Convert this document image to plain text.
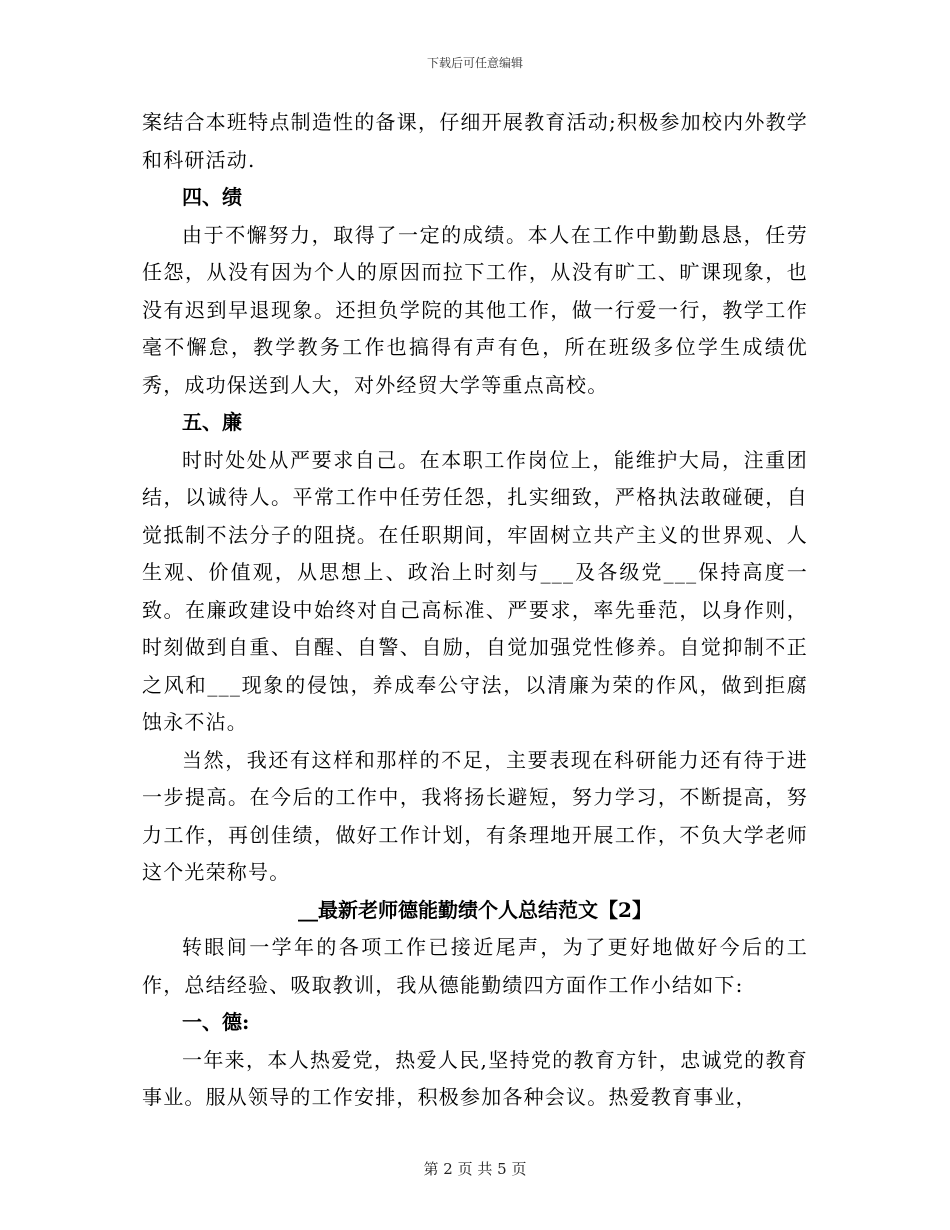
下载后可任意编辑

案结合本班特点制造性的备课，仔细开展教育活动;积极参加校内外教学和科研活动.

四、绩

由于不懈努力，取得了一定的成绩。本人在工作中勤勤恳恳，任劳任怨，从没有因为个人的原因而拉下工作，从没有旷工、旷课现象，也没有迟到早退现象。还担负学院的其他工作，做一行爱一行，教学工作毫不懈怠，教学教务工作也搞得有声有色，所在班级多位学生成绩优秀，成功保送到人大，对外经贸大学等重点高校。

五、廉

时时处处从严要求自己。在本职工作岗位上，能维护大局，注重团结，以诚待人。平常工作中任劳任怨，扎实细致，严格执法敢碰硬，自觉抵制不法分子的阻挠。在任职期间，牢固树立共产主义的世界观、人生观、价值观，从思想上、政治上时刻与___及各级党___保持高度一致。在廉政建设中始终对自己高标准、严要求，率先垂范，以身作则，时刻做到自重、自醒、自警、自励，自觉加强党性修养。自觉抑制不正之风和___现象的侵蚀，养成奉公守法，以清廉为荣的作风，做到拒腐蚀永不沾。

当然，我还有这样和那样的不足，主要表现在科研能力还有待于进一步提高。在今后的工作中，我将扬长避短，努力学习，不断提高，努力工作，再创佳绩，做好工作计划，有条理地开展工作，不负大学老师这个光荣称号。

__最新老师德能勤绩个人总结范文【2】

转眼间一学年的各项工作已接近尾声，为了更好地做好今后的工作，总结经验、吸取教训，我从德能勤绩四方面作工作小结如下:

一、德:

一年来，本人热爱党，热爱人民,坚持党的教育方针，忠诚党的教育事业。服从领导的工作安排，积极参加各种会议。热爱教育事业，

第 2 页 共 5 页
